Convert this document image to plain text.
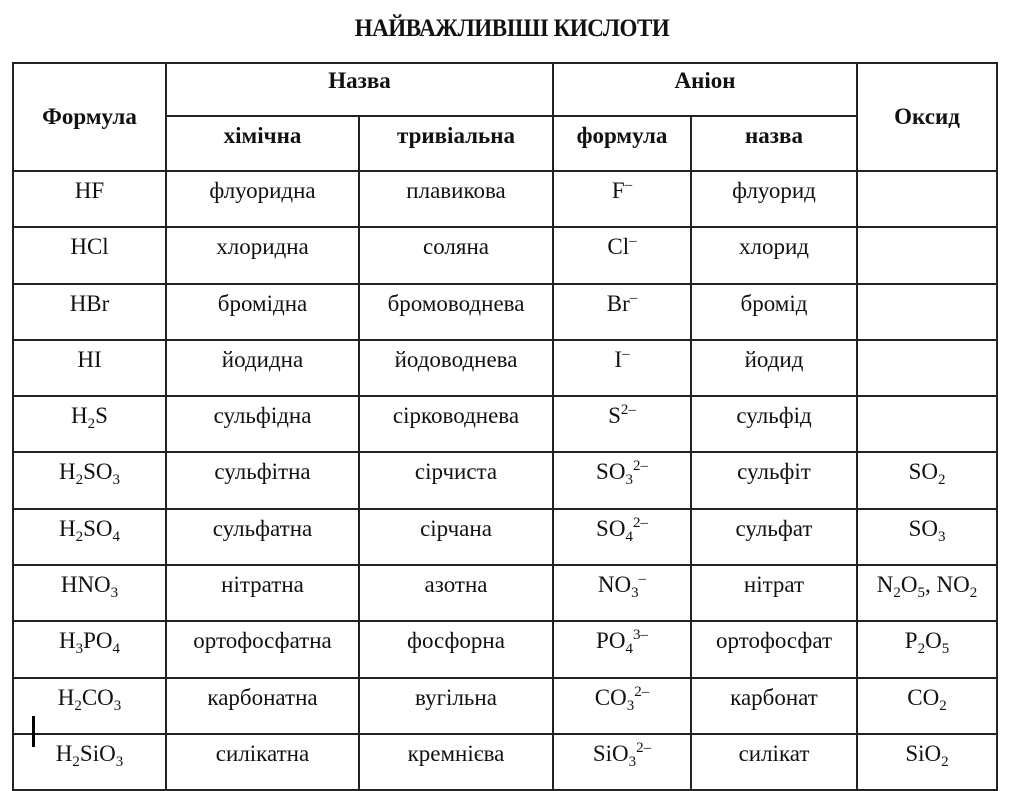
НАЙВАЖЛИВІШІ КИСЛОТИ
Формула	Назва		Аніон		Оксид
	хімічна	тривіальна	формула	назва	
HF	флуоридна	плавикова	F–	флуорид	
HCl	хлоридна	соляна	Cl–	хлорид	
HBr	бромідна	бромоводнева	Br–	бромід	
HI	йодидна	йодоводнева	I–	йодид	
$H_2S$	сульфідна	сірководнева	$S^{2-}$	сульфід	
$H_2SO_3$	сульфітна	сірчиста	$SO_3^{2-}$	сульфіт	$SO_2$
$H_2SO_4$	сульфатна	сірчана	$SO_4^{2-}$	сульфат	$SO_3$
$HNO_3$	нітратна	азотна	$NO_3^-$	нітрат	$N_2O_5$, $NO_2$
$H_3PO_4$	ортофосфатна	фосфорна	$PO_4^{3-}$	ортофосфат	$P_2O_5$
$H_2CO_3$	карбонатна	вугільна	$CO_3^{2-}$	карбонат	$CO_2$
$H_2SiO_3$	силікатна	кремнієва	SiO$_3^{2-}$	силікат	SiO$_2$
